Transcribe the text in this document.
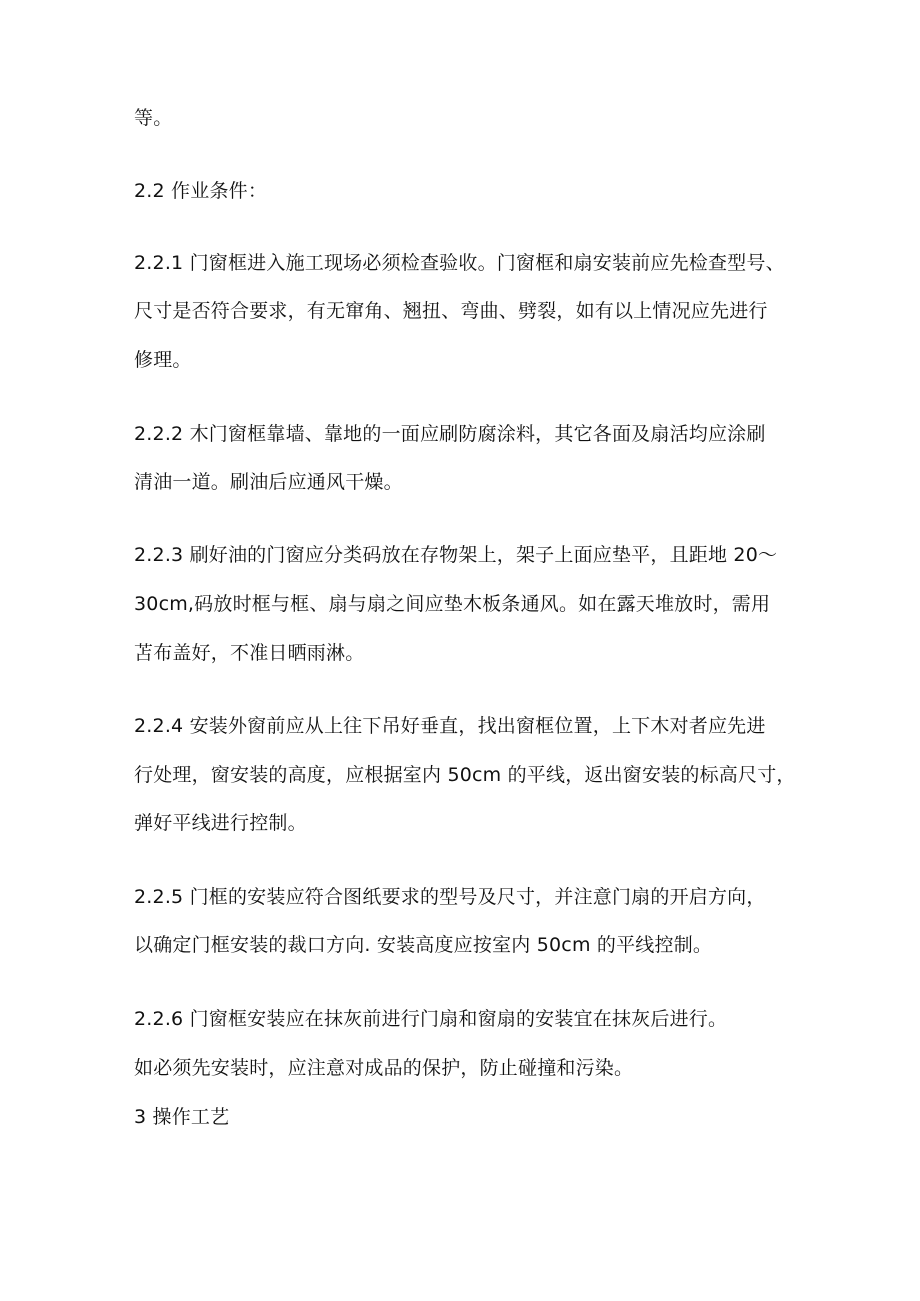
等。
2.2 作业条件：
2.2.1 门窗框进入施工现场必须检查验收。门窗框和扇安装前应先检查型号、
尺寸是否符合要求，有无窜角、翘扭、弯曲、劈裂，如有以上情况应先进行
修理。
2.2.2 木门窗框靠墙、靠地的一面应刷防腐涂料，其它各面及扇活均应涂刷
清油一道。刷油后应通风干燥。
2.2.3 刷好油的门窗应分类码放在存物架上，架子上面应垫平，且距地 20～
30cm,码放时框与框、扇与扇之间应垫木板条通风。如在露天堆放时，需用
苫布盖好，不准日晒雨淋。
2.2.4 安装外窗前应从上往下吊好垂直，找出窗框位置，上下木对者应先进
行处理，窗安装的高度，应根据室内 50cm 的平线，返出窗安装的标高尺寸，
弹好平线进行控制。
2.2.5 门框的安装应符合图纸要求的型号及尺寸，并注意门扇的开启方向，
以确定门框安装的裁口方向. 安装高度应按室内 50cm 的平线控制。
2.2.6 门窗框安装应在抹灰前进行门扇和窗扇的安装宜在抹灰后进行。
如必须先安装时，应注意对成品的保护，防止碰撞和污染。
3 操作工艺
